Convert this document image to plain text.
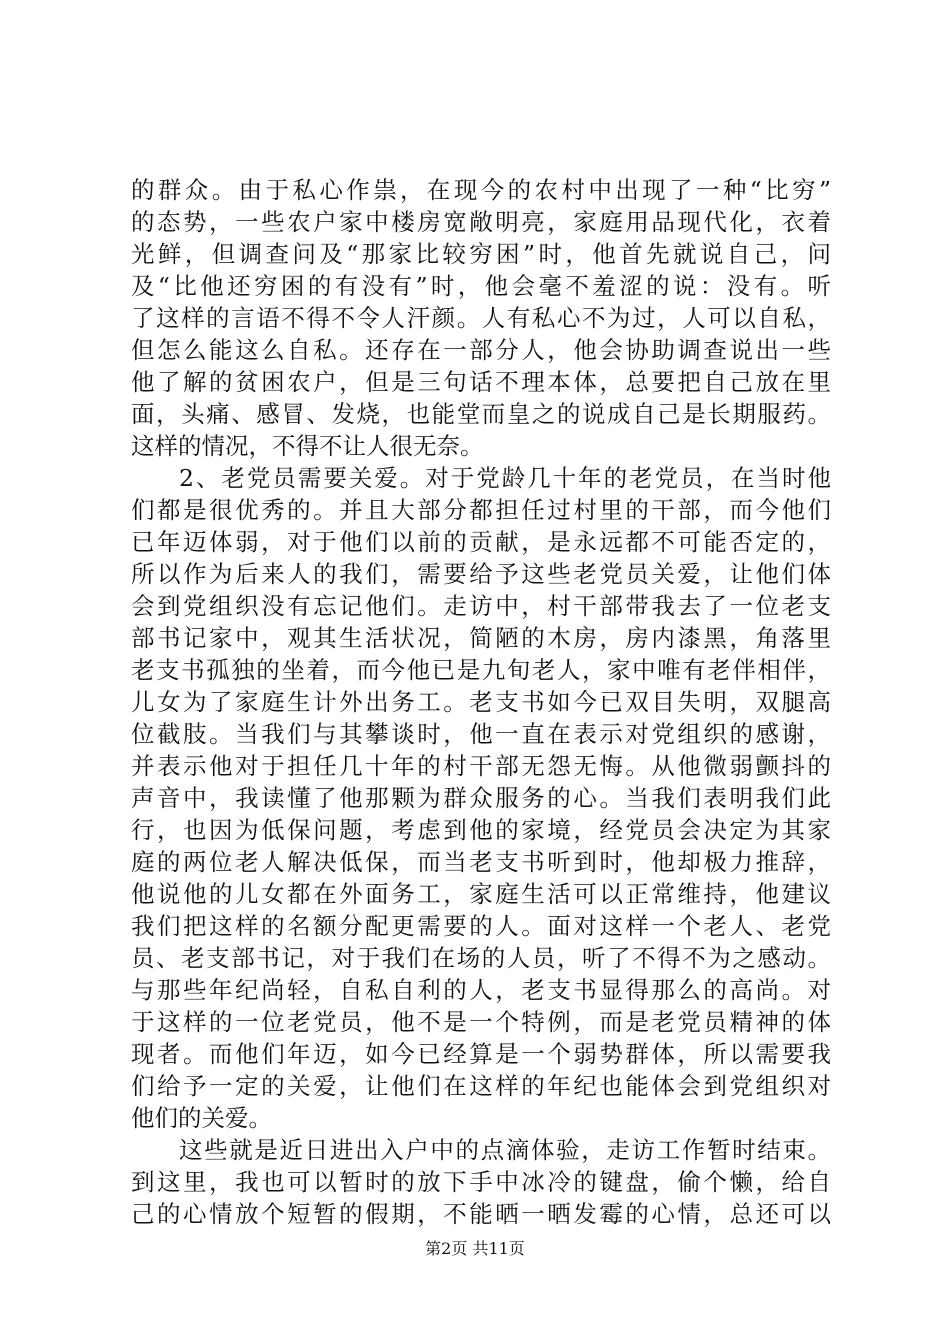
的群众。由于私心作祟，在现今的农村中出现了一种“比穷”
的态势，一些农户家中楼房宽敞明亮，家庭用品现代化，衣着
光鲜，但调查问及“那家比较穷困”时，他首先就说自己，问
及“比他还穷困的有没有”时，他会毫不羞涩的说：没有。听
了这样的言语不得不令人汗颜。人有私心不为过，人可以自私，
但怎么能这么自私。还存在一部分人，他会协助调查说出一些
他了解的贫困农户，但是三句话不理本体，总要把自己放在里
面，头痛、感冒、发烧，也能堂而皇之的说成自己是长期服药。
这样的情况，不得不让人很无奈。
2、老党员需要关爱。对于党龄几十年的老党员，在当时他
们都是很优秀的。并且大部分都担任过村里的干部，而今他们
已年迈体弱，对于他们以前的贡献，是永远都不可能否定的，
所以作为后来人的我们，需要给予这些老党员关爱，让他们体
会到党组织没有忘记他们。走访中，村干部带我去了一位老支
部书记家中，观其生活状况，简陋的木房，房内漆黑，角落里
老支书孤独的坐着，而今他已是九旬老人，家中唯有老伴相伴，
儿女为了家庭生计外出务工。老支书如今已双目失明，双腿高
位截肢。当我们与其攀谈时，他一直在表示对党组织的感谢，
并表示他对于担任几十年的村干部无怨无悔。从他微弱颤抖的
声音中，我读懂了他那颗为群众服务的心。当我们表明我们此
行，也因为低保问题，考虑到他的家境，经党员会决定为其家
庭的两位老人解决低保，而当老支书听到时，他却极力推辞，
他说他的儿女都在外面务工，家庭生活可以正常维持，他建议
我们把这样的名额分配更需要的人。面对这样一个老人、老党
员、老支部书记，对于我们在场的人员，听了不得不为之感动。
与那些年纪尚轻，自私自利的人，老支书显得那么的高尚。对
于这样的一位老党员，他不是一个特例，而是老党员精神的体
现者。而他们年迈，如今已经算是一个弱势群体，所以需要我
们给予一定的关爱，让他们在这样的年纪也能体会到党组织对
他们的关爱。
这些就是近日进出入户中的点滴体验，走访工作暂时结束。
到这里，我也可以暂时的放下手中冰冷的键盘，偷个懒，给自
己的心情放个短暂的假期，不能晒一晒发霉的心情，总还可以
第2页 共11页
